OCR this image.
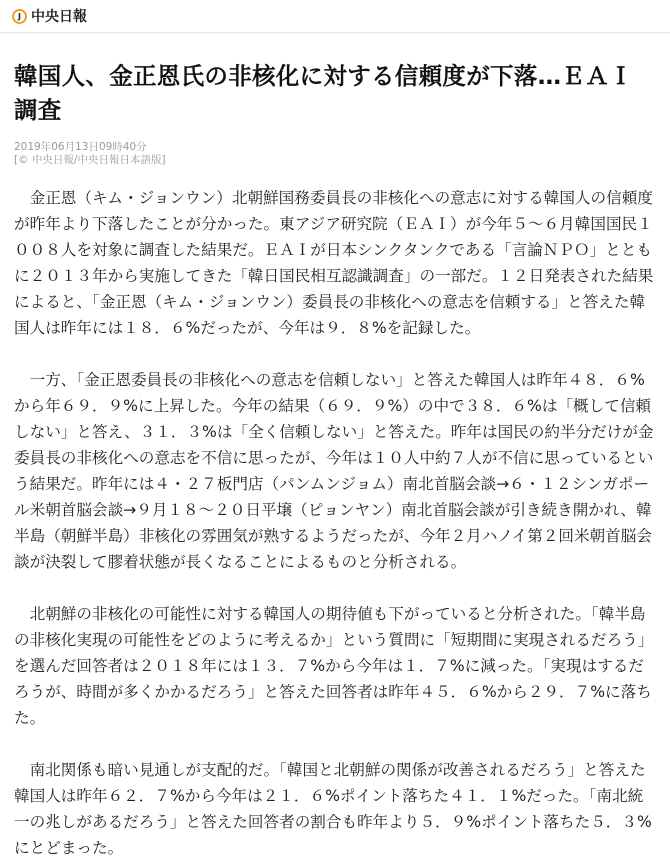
J 中央日報
韓国人、金正恩氏の非核化に対する信頼度が下落…ＥＡＩ調査
2019年06月13日09時40分
[© 中央日報/中央日報日本語版]

金正恩（キム・ジョンウン）北朝鮮国務委員長の非核化への意志に対する韓国人の信頼度が昨年より下落したことが分かった。東アジア研究院（ＥＡＩ）が今年５～６月韓国国民１００８人を対象に調査した結果だ。ＥＡＩが日本シンクタンクである「言論ＮＰＯ」とともに２０１３年から実施してきた「韓日国民相互認識調査」の一部だ。１２日発表された結果によると、「金正恩（キム・ジョンウン）委員長の非核化への意志を信頼する」と答えた韓国人は昨年には１８．６%だったが、今年は９．８%を記録した。

一方、「金正恩委員長の非核化への意志を信頼しない」と答えた韓国人は昨年４８．６%から年６９．９%に上昇した。今年の結果（６９．９%）の中で３８．６%は「概して信頼しない」と答え、３１．３%は「全く信頼しない」と答えた。昨年は国民の約半分だけが金委員長の非核化への意志を不信に思ったが、今年は１０人中約７人が不信に思っているという結果だ。昨年には４・２７板門店（パンムンジョム）南北首脳会談→６・１２シンガポール米朝首脳会談→９月１８～２０日平壌（ピョンヤン）南北首脳会談が引き続き開かれ、韓半島（朝鮮半島）非核化の雰囲気が熟するようだったが、今年２月ハノイ第２回米朝首脳会談が決裂して膠着状態が長くなることによるものと分析される。

北朝鮮の非核化の可能性に対する韓国人の期待値も下がっていると分析された。「韓半島の非核化実現の可能性をどのように考えるか」という質問に「短期間に実現されるだろう」を選んだ回答者は２０１８年には１３．７%から今年は１．７%に減った。「実現はするだろうが、時間が多くかかるだろう」と答えた回答者は昨年４５．６%から２９．７%に落ちた。

南北関係も暗い見通しが支配的だ。「韓国と北朝鮮の関係が改善されるだろう」と答えた韓国人は昨年６２．７%から今年は２１．６%ポイント落ちた４１．１%だった。「南北統一の兆しがあるだろう」と答えた回答者の割合も昨年より５．９%ポイント落ちた５．３%にとどまった。
